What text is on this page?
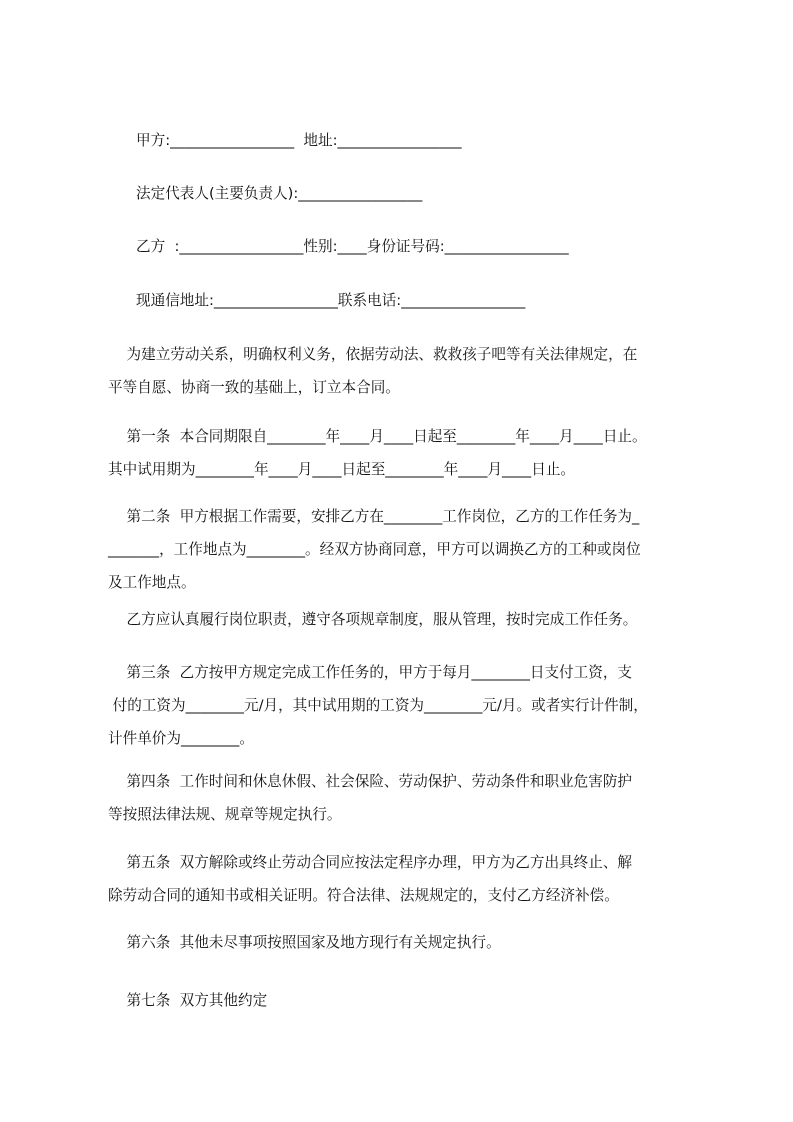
甲方:_________________  地址:_________________
法定代表人(主要负责人):_________________
乙方  :_________________性别:____身份证号码:_________________
现通信地址:_________________联系电话:_________________
为建立劳动关系，明确权利义务，依据劳动法、救救孩子吧等有关法律规定，在
平等自愿、协商一致的基础上，订立本合同。
第一条  本合同期限自________年____月____日起至________年____月____日止。
其中试用期为________年____月____日起至________年____月____日止。
第二条  甲方根据工作需要，安排乙方在________工作岗位，乙方的工作任务为_
_______，工作地点为________。经双方协商同意，甲方可以调换乙方的工种或岗位
及工作地点。
乙方应认真履行岗位职责，遵守各项规章制度，服从管理，按时完成工作任务。
第三条  乙方按甲方规定完成工作任务的，甲方于每月________日支付工资，支
付的工资为________元/月，其中试用期的工资为________元/月。或者实行计件制，
计件单价为________。
第四条  工作时间和休息休假、社会保险、劳动保护、劳动条件和职业危害防护
等按照法律法规、规章等规定执行。
第五条  双方解除或终止劳动合同应按法定程序办理，甲方为乙方出具终止、解
除劳动合同的通知书或相关证明。符合法律、法规规定的，支付乙方经济补偿。
第六条  其他未尽事项按照国家及地方现行有关规定执行。
第七条  双方其他约定
